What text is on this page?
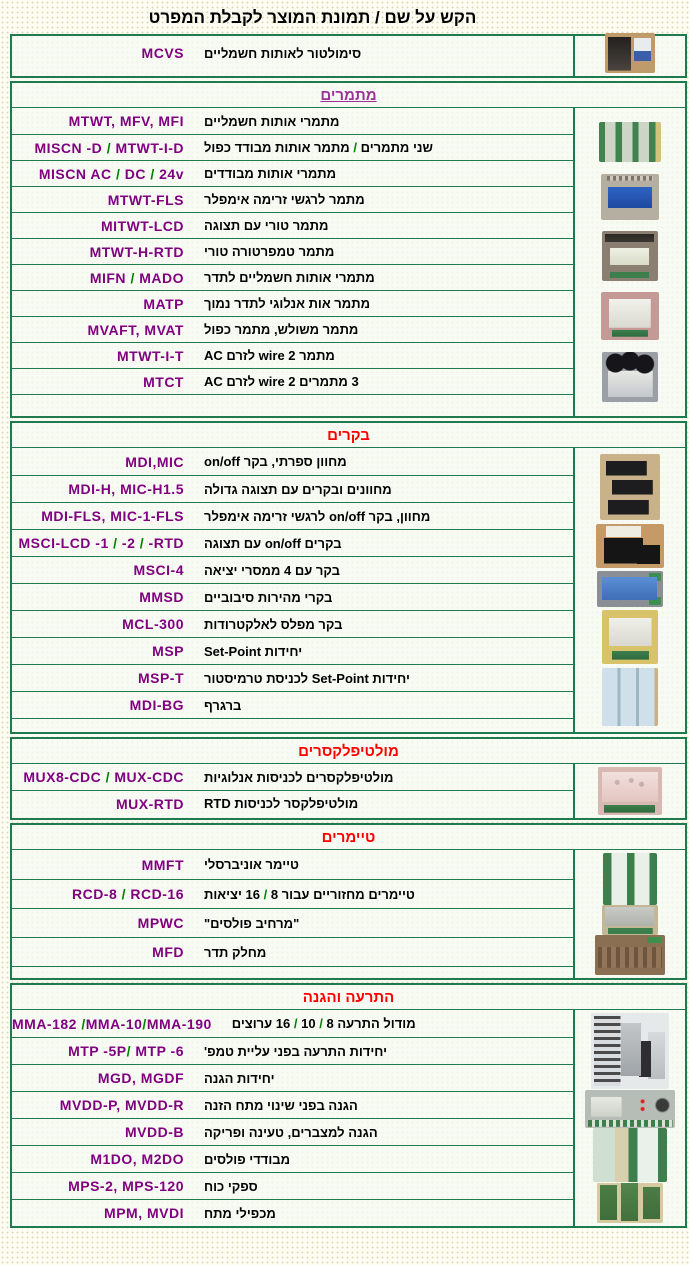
הקש על שם / תמונת המוצר לקבלת המפרט
MCVS	סימולטור לאותות חשמליים
מתמרים
MTWT, MFV, MFI	מתמרי אותות חשמליים
MISCN -D / MTWT-I-D	שני מתמרים / מתמר אותות מבודד כפול
MISCN AC / DC / 24v	מתמרי אותות מבודדים
MTWT-FLS	מתמר לרגשי זרימה אימפלר
MITWT-LCD	מתמר טורי עם תצוגה
MTWT-H-RTD	מתמר טמפרטורה טורי
MIFN / MADO	מתמרי אותות חשמליים לתדר
MATP	מתמר אות אנלוגי לתדר נמוך
MVAFT, MVAT	מתמר משולש, מתמר כפול
MTWT-I-T	מתמר 2 wire לזרם AC
MTCT	3 מתמרים 2 wire לזרם AC
בקרים
MDI,MIC	מחוון ספרתי, בקר on/off
MDI-H, MIC-H1.5	מחוונים ובקרים עם תצוגה גדולה
MDI-FLS, MIC-1-FLS	מחוון, בקר on/off לרגשי זרימה אימפלר
MSCI-LCD -1 / -2 / -RTD	בקרים on/off עם תצוגה
MSCI-4	בקר עם 4 ממסרי יציאה
MMSD	בקרי מהירות סיבוביים
MCL-300	בקר מפלס לאלקטרודות
MSP	יחידות Set-Point
MSP-T	יחידות Set-Point לכניסת טרמיסטור
MDI-BG	ברגרף
מולטיפלקסרים
MUX8-CDC / MUX-CDC	מולטיפלקסרים לכניסות אנלוגיות
MUX-RTD	מולטיפלקסר לכניסות RTD
טיימרים
MMFT	טיימר אוניברסלי
RCD-8 / RCD-16	טיימרים מחזוריים עבור 8 / 16 יציאות
MPWC	"מרחיב פולסים"
MFD	מחלק תדר
התרעה והגנה
MMA-182 /MMA-10/MMA-190	מודול התרעה 8 / 10 / 16 ערוצים
MTP -5P/ MTP -6	יחידות התרעה בפני עליית טמפ'
MGD, MGDF	יחידות הגנה
MVDD-P, MVDD-R	הגנה בפני שינוי מתח הזנה
MVDD-B	הגנה למצברים, טעינה ופריקה
M1DO, M2DO	מבודדי פולסים
MPS-2, MPS-120	ספקי כוח
MPM, MVDI	מכפילי מתח
